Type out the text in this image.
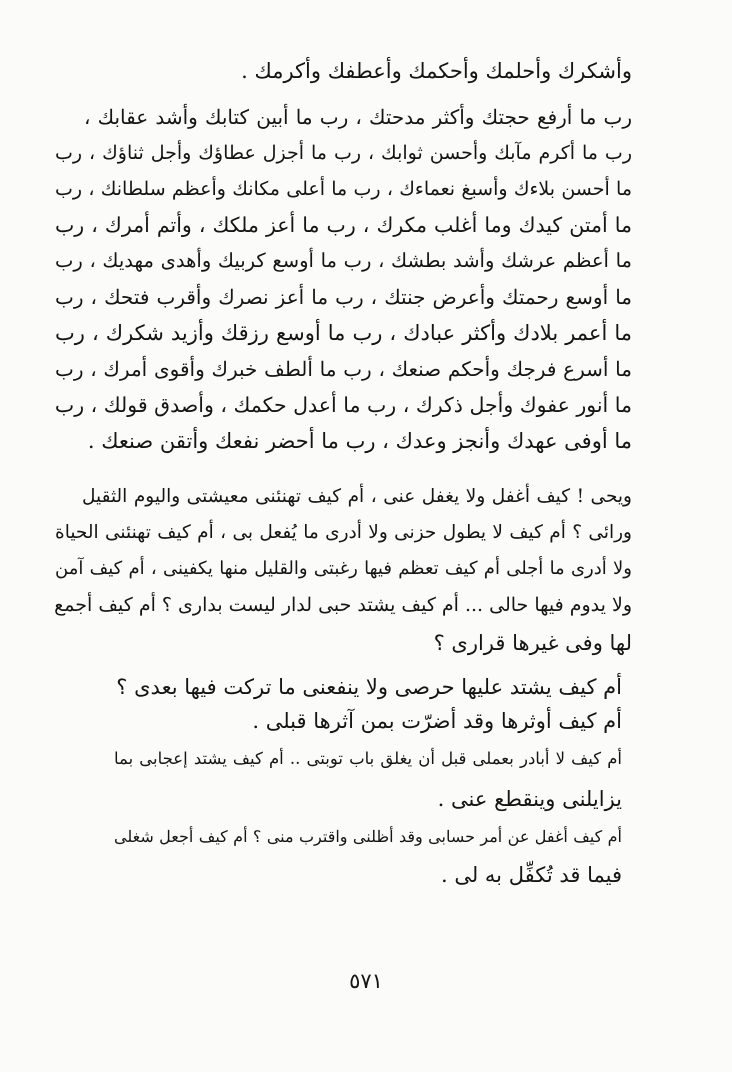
وأشكرك وأحلمك وأحكمك وأعطفك وأكرمك .
رب ما أرفع حجتك وأكثر مدحتك ، رب ما أبين كتابك وأشد عقابك ،
رب ما أكرم مآبك وأحسن ثوابك ، رب ما أجزل عطاؤك وأجل ثناؤك ، رب
ما أحسن بلاءك وأسبغ نعماءك ، رب ما أعلى مكانك وأعظم سلطانك ، رب
ما أمتن كيدك وما أغلب مكرك ، رب ما أعز ملكك ، وأتم أمرك ، رب
ما أعظم عرشك وأشد بطشك ، رب ما أوسع كربيك وأهدى مهديك ، رب
ما أوسع رحمتك وأعرض جنتك ، رب ما أعز نصرك وأقرب فتحك ، رب
ما أعمر بلادك وأكثر عبادك ، رب ما أوسع رزقك وأزيد شكرك ، رب
ما أسرع فرجك وأحكم صنعك ، رب ما ألطف خبرك وأقوى أمرك ، رب
ما أنور عفوك وأجل ذكرك ، رب ما أعدل حكمك ، وأصدق قولك ، رب
ما أوفى عهدك وأنجز وعدك ، رب ما أحضر نفعك وأتقن صنعك .
ويحى ! كيف أغفل ولا يغفل عنى ، أم كيف تهنئنى معيشتى واليوم الثقيل
ورائى ؟ أم كيف لا يطول حزنى ولا أدرى ما يُفعل بى ، أم كيف تهنئنى الحياة
ولا أدرى ما أجلى أم كيف تعظم فيها رغبتى والقليل منها يكفينى ، أم كيف آمن
ولا يدوم فيها حالى ... أم كيف يشتد حبى لدار ليست بدارى ؟ أم كيف أجمع
لها وفى غيرها قرارى ؟
أم كيف يشتد عليها حرصى ولا ينفعنى ما تركت فيها بعدى ؟
أم كيف أوثرها وقد أضرّت بمن آثرها قبلى .
أم كيف لا أبادر بعملى قبل أن يغلق باب توبتى .. أم كيف يشتد إعجابى بما
يزايلنى وينقطع عنى .
أم كيف أغفل عن أمر حسابى وقد أظلنى واقترب منى ؟ أم كيف أجعل شغلى
فيما قد تُكفِّل به لى .
٥٧١
